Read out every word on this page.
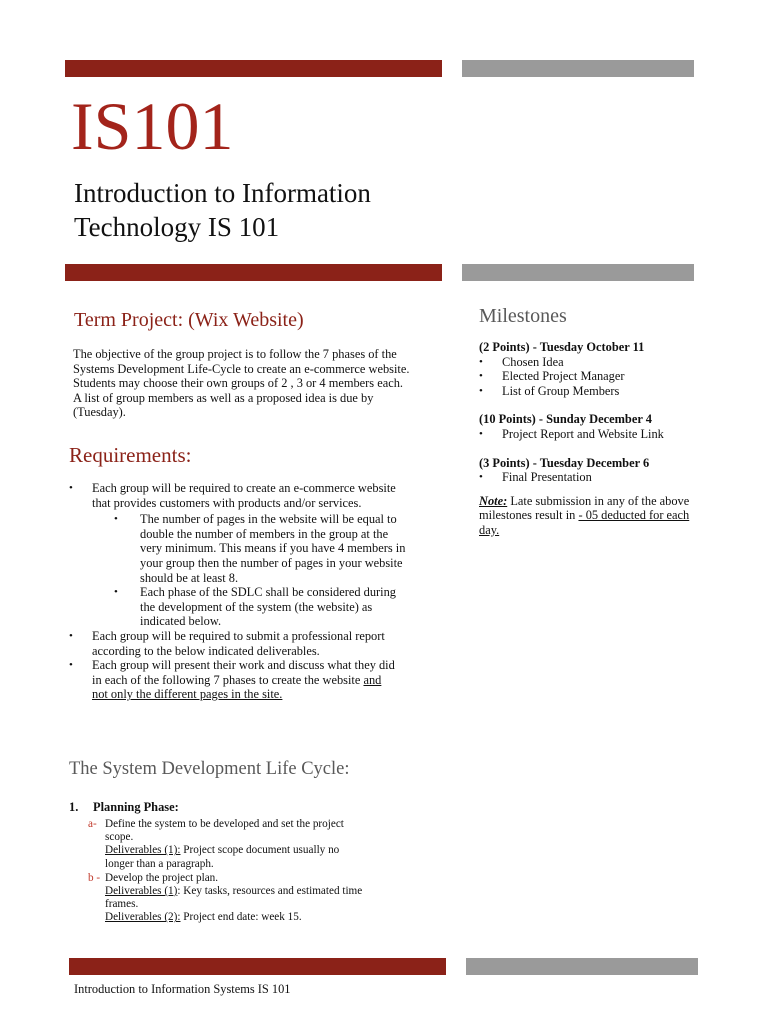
IS101
Introduction to Information
Technology IS 101
Term Project: (Wix Website)
The objective of the group project is to follow the 7 phases of the Systems Development Life-Cycle to create an e-commerce website. Students may choose their own groups of 2 , 3 or 4 members each. A list of group members as well as a proposed idea is due by (Tuesday).
Requirements:
• Each group will be required to create an e-commerce website that provides customers with products and/or services.
• The number of pages in the website will be equal to double the number of members in the group at the very minimum. This means if you have 4 members in your group then the number of pages in your website should be at least 8.
• Each phase of the SDLC shall be considered during the development of the system (the website) as indicated below.
• Each group will be required to submit a professional report according to the below indicated deliverables.
• Each group will present their work and discuss what they did in each of the following 7 phases to create the website and not only the different pages in the site.
The System Development Life Cycle:
1. Planning Phase:
a- Define the system to be developed and set the project scope.
Deliverables (1): Project scope document usually no longer than a paragraph.
b - Develop the project plan.
Deliverables (1): Key tasks, resources and estimated time frames.
Deliverables (2): Project end date: week 15.
Milestones
(2 Points) - Tuesday October 11
• Chosen Idea
• Elected Project Manager
• List of Group Members
(10 Points) - Sunday December 4
• Project Report and Website Link
(3 Points) - Tuesday December 6
• Final Presentation
Note: Late submission in any of the above milestones result in - 05 deducted for each day.
Introduction to Information Systems IS 101
